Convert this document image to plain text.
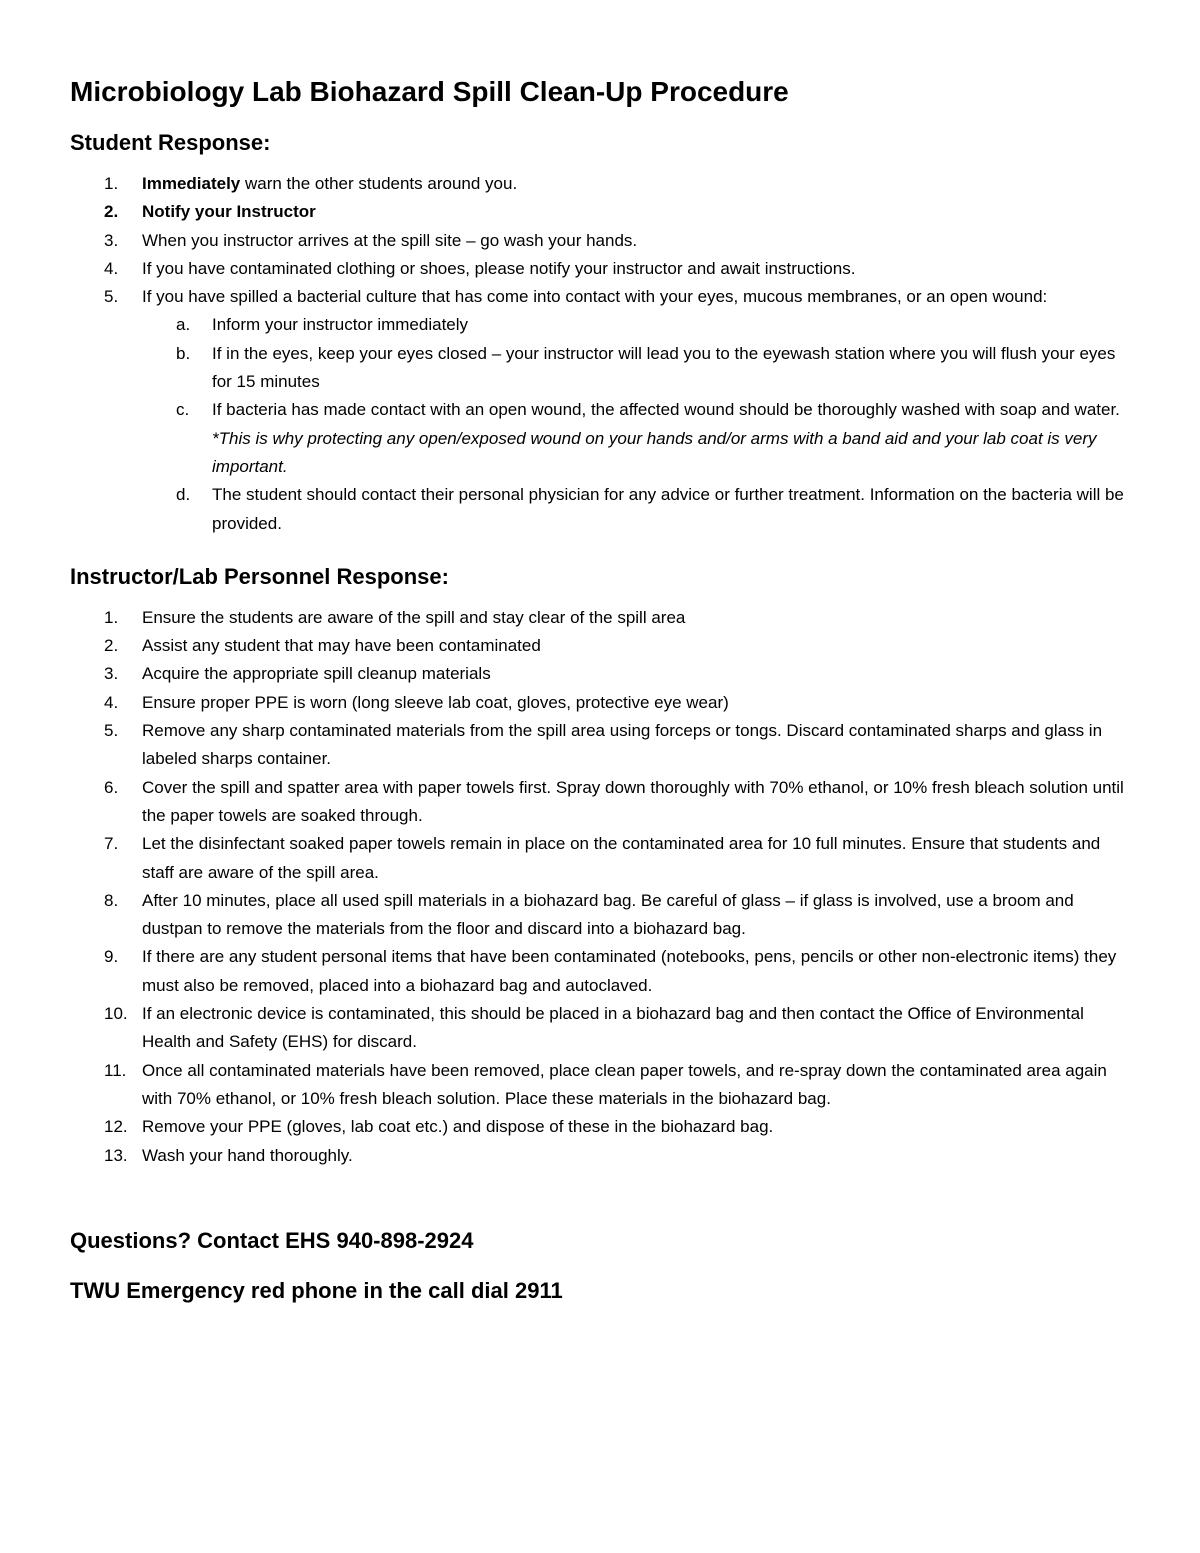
Microbiology Lab Biohazard Spill Clean-Up Procedure
Student Response:
1. Immediately warn the other students around you.
2. Notify your Instructor
3. When you instructor arrives at the spill site – go wash your hands.
4. If you have contaminated clothing or shoes, please notify your instructor and await instructions.
5. If you have spilled a bacterial culture that has come into contact with your eyes, mucous membranes, or an open wound:
a. Inform your instructor immediately
b. If in the eyes, keep your eyes closed – your instructor will lead you to the eyewash station where you will flush your eyes for 15 minutes
c. If bacteria has made contact with an open wound, the affected wound should be thoroughly washed with soap and water. *This is why protecting any open/exposed wound on your hands and/or arms with a band aid and your lab coat is very important.
d. The student should contact their personal physician for any advice or further treatment. Information on the bacteria will be provided.
Instructor/Lab Personnel Response:
1. Ensure the students are aware of the spill and stay clear of the spill area
2. Assist any student that may have been contaminated
3. Acquire the appropriate spill cleanup materials
4. Ensure proper PPE is worn (long sleeve lab coat, gloves, protective eye wear)
5. Remove any sharp contaminated materials from the spill area using forceps or tongs. Discard contaminated sharps and glass in labeled sharps container.
6. Cover the spill and spatter area with paper towels first. Spray down thoroughly with 70% ethanol, or 10% fresh bleach solution until the paper towels are soaked through.
7. Let the disinfectant soaked paper towels remain in place on the contaminated area for 10 full minutes. Ensure that students and staff are aware of the spill area.
8. After 10 minutes, place all used spill materials in a biohazard bag. Be careful of glass – if glass is involved, use a broom and dustpan to remove the materials from the floor and discard into a biohazard bag.
9. If there are any student personal items that have been contaminated (notebooks, pens, pencils or other non-electronic items) they must also be removed, placed into a biohazard bag and autoclaved.
10. If an electronic device is contaminated, this should be placed in a biohazard bag and then contact the Office of Environmental Health and Safety (EHS) for discard.
11. Once all contaminated materials have been removed, place clean paper towels, and re-spray down the contaminated area again with 70% ethanol, or 10% fresh bleach solution. Place these materials in the biohazard bag.
12. Remove your PPE (gloves, lab coat etc.) and dispose of these in the biohazard bag.
13. Wash your hand thoroughly.
Questions? Contact EHS 940-898-2924
TWU Emergency red phone in the call dial 2911
